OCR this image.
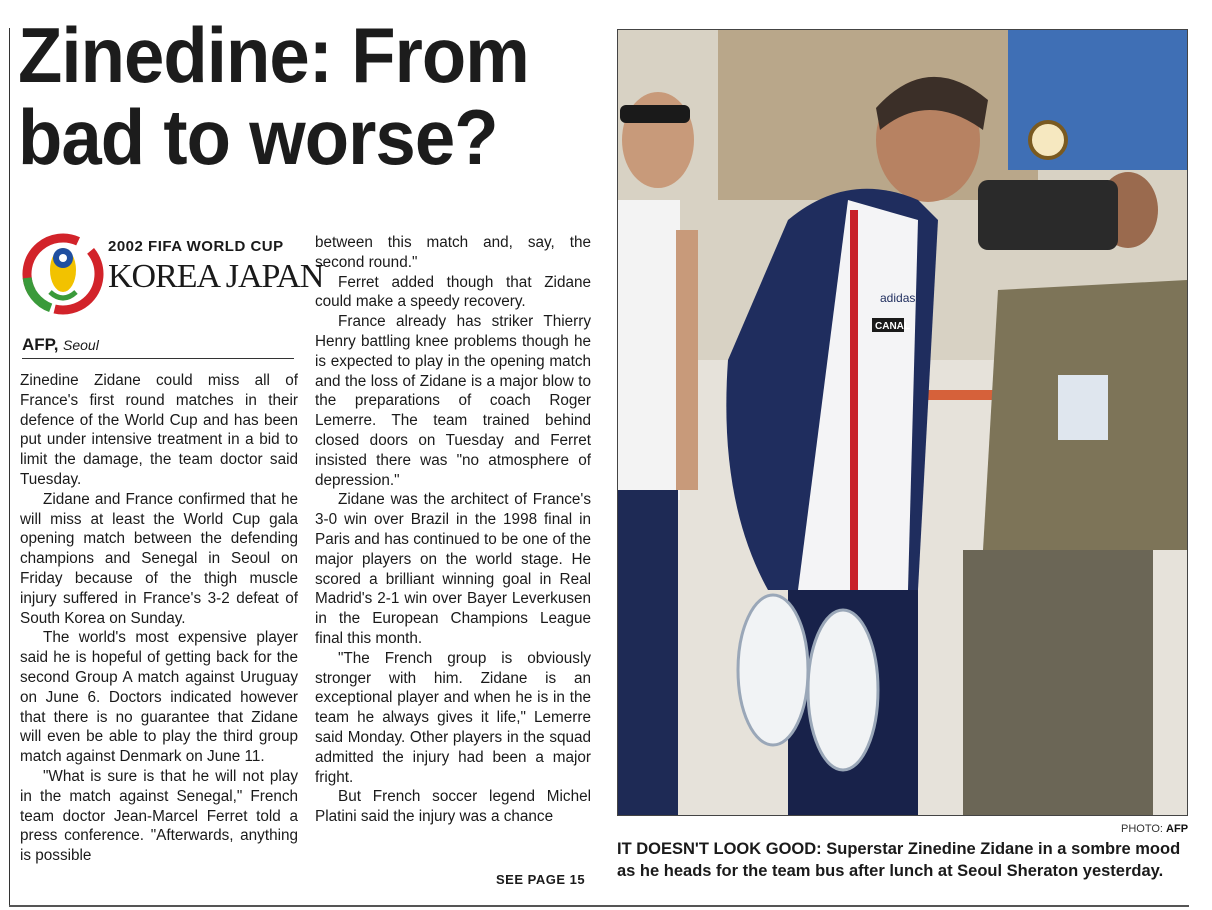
Zinedine: From bad to worse?
2002 FIFA WORLD CUP
KOREA JAPAN
AFP, Seoul

Zinedine Zidane could miss all of France's first round matches in their defence of the World Cup and has been put under intensive treatment in a bid to limit the damage, the team doctor said Tuesday.

Zidane and France confirmed that he will miss at least the World Cup gala opening match between the defending champions and Senegal in Seoul on Friday because of the thigh muscle injury suffered in France's 3-2 defeat of South Korea on Sunday.

The world's most expensive player said he is hopeful of getting back for the second Group A match against Uruguay on June 6. Doctors indicated however that there is no guarantee that Zidane will even be able to play the third group match against Denmark on June 11.

"What is sure is that he will not play in the match against Senegal," French team doctor Jean-Marcel Ferret told a press conference. "Afterwards, anything is possible

between this match and, say, the second round."

Ferret added though that Zidane could make a speedy recovery.

France already has striker Thierry Henry battling knee problems though he is expected to play in the opening match and the loss of Zidane is a major blow to the preparations of coach Roger Lemerre. The team trained behind closed doors on Tuesday and Ferret insisted there was "no atmosphere of depression."

Zidane was the architect of France's 3-0 win over Brazil in the 1998 final in Paris and has continued to be one of the major players on the world stage. He scored a brilliant winning goal in Real Madrid's 2-1 win over Bayer Leverkusen in the European Champions League final this month.

"The French group is obviously stronger with him. Zidane is an exceptional player and when he is in the team he always gives it life," Lemerre said Monday. Other players in the squad admitted the injury had been a major fright.

But French soccer legend Michel Platini said the injury was a chance

SEE PAGE 15
adidas
CANAL
PHOTO: AFP
IT DOESN'T LOOK GOOD: Superstar Zinedine Zidane in a sombre mood as he heads for the team bus after lunch at Seoul Sheraton yesterday.
